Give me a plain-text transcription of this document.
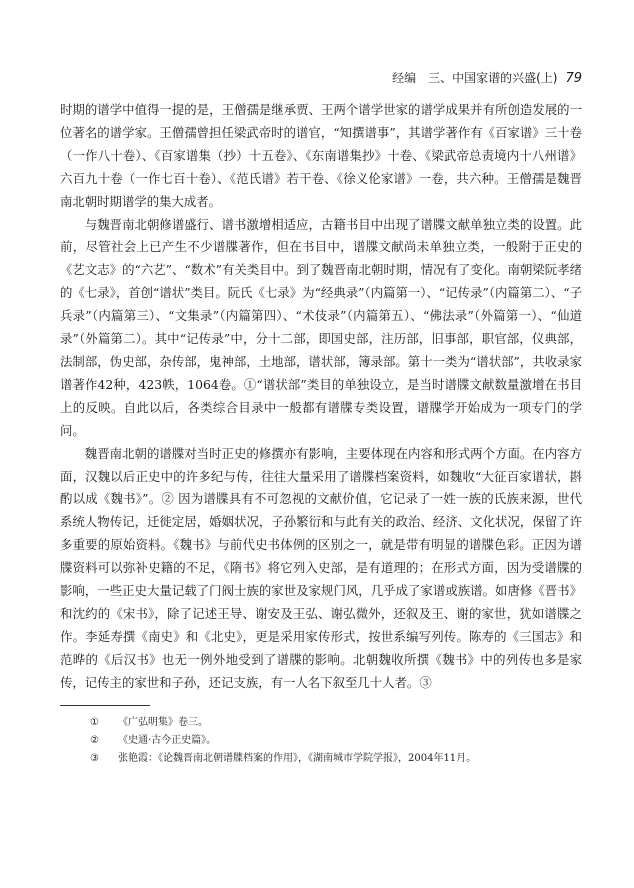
经编　三、中国家谱的兴盛(上) 79

时期的谱学中值得一提的是，王僧孺是继承贾、王两个谱学世家的谱学成果并有所创造发展的一位著名的谱学家。王僧孺曾担任梁武帝时的谱官，“知撰谱事”，其谱学著作有《百家谱》三十卷（一作八十卷）、《百家谱集（抄）十五卷》、《东南谱集抄》十卷、《梁武帝总责境内十八州谱》六百九十卷（一作七百十卷）、《范氏谱》若干卷、《徐义伦家谱》一卷，共六种。王僧孺是魏晋南北朝时期谱学的集大成者。

与魏晋南北朝修谱盛行、谱书激增相适应，古籍书目中出现了谱牒文献单独立类的设置。此前，尽管社会上已产生不少谱牒著作，但在书目中，谱牒文献尚未单独立类，一般附于正史的《艺文志》的“六艺”、“数术”有关类目中。到了魏晋南北朝时期，情况有了变化。南朝梁阮孝绪的《七录》，首创“谱状”类目。阮氏《七录》为“经典录”（内篇第一）、“记传录”（内篇第二）、“子兵录”（内篇第三）、“文集录”（内篇第四）、“术伎录”（内篇第五）、“佛法录”（外篇第一）、“仙道录”（外篇第二）。其中“记传录”中，分十二部，即国史部，注历部，旧事部，职官部，仪典部，法制部，伪史部，杂传部，鬼神部，土地部，谱状部，簿录部。第十一类为“谱状部”，共收录家谱著作42种，423帙，1064卷。①“谱状部”类目的单独设立，是当时谱牒文献数量激增在书目上的反映。自此以后，各类综合目录中一般都有谱牒专类设置，谱牒学开始成为一项专门的学问。

魏晋南北朝的谱牒对当时正史的修撰亦有影响，主要体现在内容和形式两个方面。在内容方面，汉魏以后正史中的许多纪与传，往往大量采用了谱牒档案资料，如魏收“大征百家谱状，斟酌以成《魏书》”。② 因为谱牒具有不可忽视的文献价值，它记录了一姓一族的氏族来源，世代系统人物传记，迁徙定居，婚姻状况，子孙繁衍和与此有关的政治、经济、文化状况，保留了许多重要的原始资料。《魏书》与前代史书体例的区别之一，就是带有明显的谱牒色彩。正因为谱牒资料可以弥补史籍的不足，《隋书》将它列入史部，是有道理的；在形式方面，因为受谱牒的影响，一些正史大量记载了门阀士族的家世及家规门风，几乎成了家谱或族谱。如唐修《晋书》和沈约的《宋书》，除了记述王导、谢安及王弘、谢弘微外，还叙及王、谢的家世，犹如谱牒之作。李延寿撰《南史》和《北史》，更是采用家传形式，按世系编写列传。陈寿的《三国志》和范晔的《后汉书》也无一例外地受到了谱牒的影响。北朝魏收所撰《魏书》中的列传也多是家传，记传主的家世和子孙，还记支族，有一人名下叙至几十人者。③

① 《广弘明集》卷三。
② 《史通·古今正史篇》。
③ 张艳霞：《论魏晋南北朝谱牒档案的作用》，《湖南城市学院学报》，2004年11月。
